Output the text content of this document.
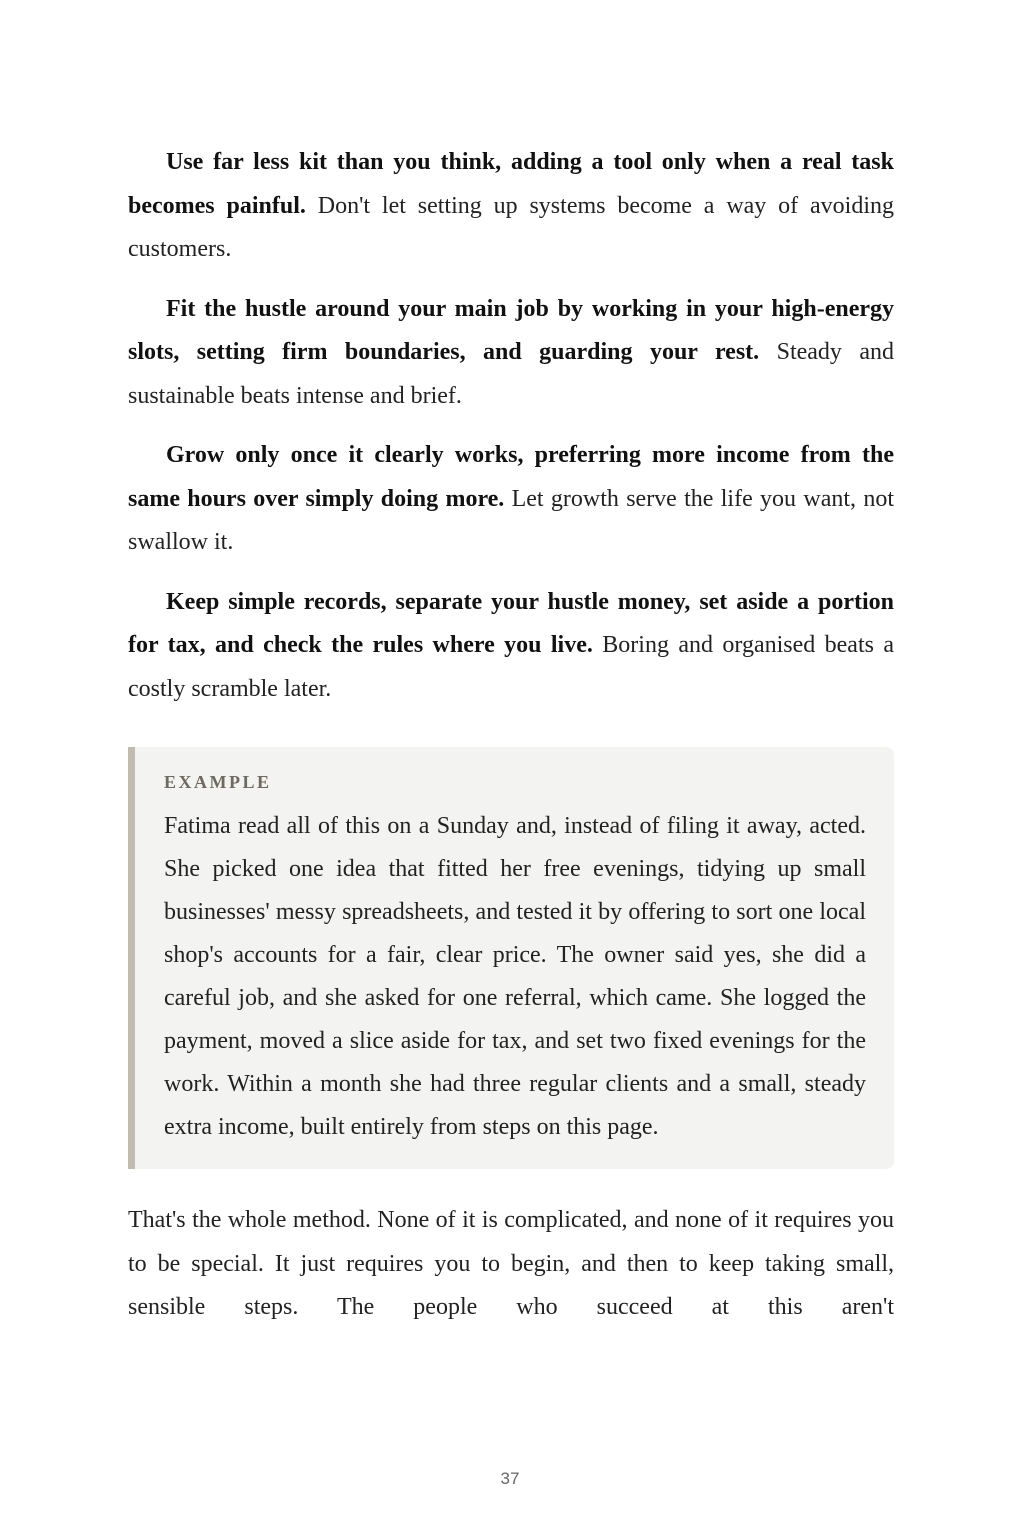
Use far less kit than you think, adding a tool only when a real task becomes painful. Don't let setting up systems become a way of avoiding customers.

Fit the hustle around your main job by working in your high-energy slots, setting firm boundaries, and guarding your rest. Steady and sustainable beats intense and brief.

Grow only once it clearly works, preferring more income from the same hours over simply doing more. Let growth serve the life you want, not swallow it.

Keep simple records, separate your hustle money, set aside a portion for tax, and check the rules where you live. Boring and organised beats a costly scramble later.

EXAMPLE

Fatima read all of this on a Sunday and, instead of filing it away, acted. She picked one idea that fitted her free evenings, tidying up small businesses' messy spreadsheets, and tested it by offering to sort one local shop's accounts for a fair, clear price. The owner said yes, she did a careful job, and she asked for one referral, which came. She logged the payment, moved a slice aside for tax, and set two fixed evenings for the work. Within a month she had three regular clients and a small, steady extra income, built entirely from steps on this page.

That's the whole method. None of it is complicated, and none of it requires you to be special. It just requires you to begin, and then to keep taking small, sensible steps. The people who succeed at this aren't

37
